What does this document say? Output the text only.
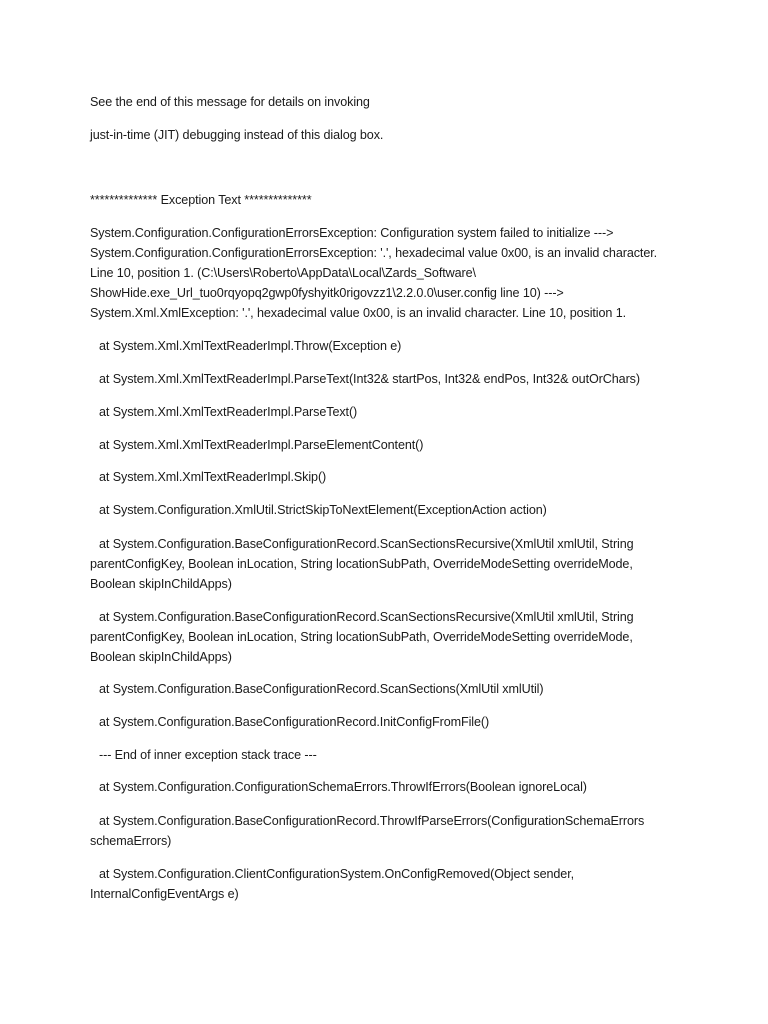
See the end of this message for details on invoking
just-in-time (JIT) debugging instead of this dialog box.
************** Exception Text **************
System.Configuration.ConfigurationErrorsException: Configuration system failed to initialize ---> System.Configuration.ConfigurationErrorsException: '.', hexadecimal value 0x00, is an invalid character. Line 10, position 1. (C:\Users\Roberto\AppData\Local\Zards_Software\ ShowHide.exe_Url_tuo0rqyopq2gwp0fyshyitk0rigovzz1\2.2.0.0\user.config line 10) ---> System.Xml.XmlException: '.', hexadecimal value 0x00, is an invalid character. Line 10, position 1.
at System.Xml.XmlTextReaderImpl.Throw(Exception e)
at System.Xml.XmlTextReaderImpl.ParseText(Int32& startPos, Int32& endPos, Int32& outOrChars)
at System.Xml.XmlTextReaderImpl.ParseText()
at System.Xml.XmlTextReaderImpl.ParseElementContent()
at System.Xml.XmlTextReaderImpl.Skip()
at System.Configuration.XmlUtil.StrictSkipToNextElement(ExceptionAction action)
at System.Configuration.BaseConfigurationRecord.ScanSectionsRecursive(XmlUtil xmlUtil, String parentConfigKey, Boolean inLocation, String locationSubPath, OverrideModeSetting overrideMode, Boolean skipInChildApps)
at System.Configuration.BaseConfigurationRecord.ScanSectionsRecursive(XmlUtil xmlUtil, String parentConfigKey, Boolean inLocation, String locationSubPath, OverrideModeSetting overrideMode, Boolean skipInChildApps)
at System.Configuration.BaseConfigurationRecord.ScanSections(XmlUtil xmlUtil)
at System.Configuration.BaseConfigurationRecord.InitConfigFromFile()
--- End of inner exception stack trace ---
at System.Configuration.ConfigurationSchemaErrors.ThrowIfErrors(Boolean ignoreLocal)
at System.Configuration.BaseConfigurationRecord.ThrowIfParseErrors(ConfigurationSchemaErrors schemaErrors)
at System.Configuration.ClientConfigurationSystem.OnConfigRemoved(Object sender, InternalConfigEventArgs e)
